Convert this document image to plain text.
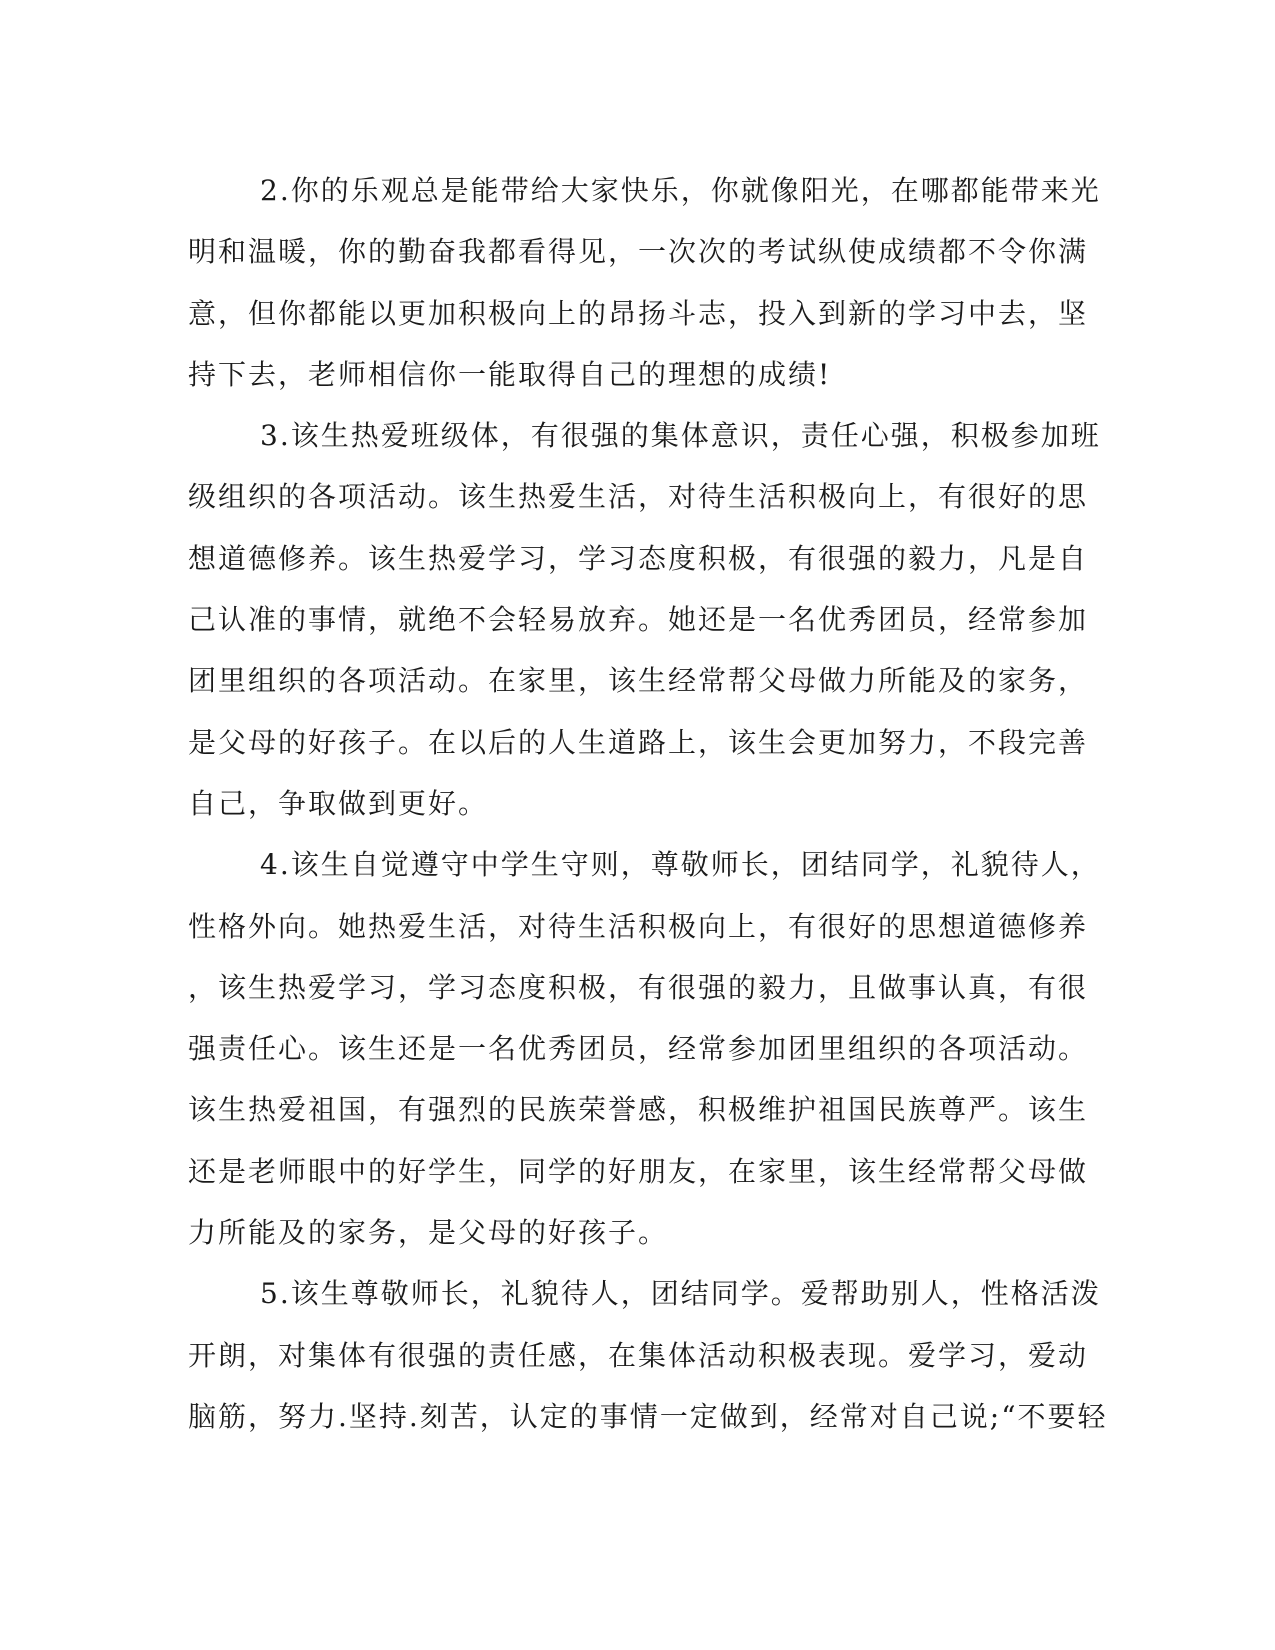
2.你的乐观总是能带给大家快乐，你就像阳光，在哪都能带来光
明和温暖，你的勤奋我都看得见，一次次的考试纵使成绩都不令你满
意，但你都能以更加积极向上的昂扬斗志，投入到新的学习中去，坚
持下去，老师相信你一能取得自己的理想的成绩!
3.该生热爱班级体，有很强的集体意识，责任心强，积极参加班
级组织的各项活动。该生热爱生活，对待生活积极向上，有很好的思
想道德修养。该生热爱学习，学习态度积极，有很强的毅力，凡是自
己认准的事情，就绝不会轻易放弃。她还是一名优秀团员，经常参加
团里组织的各项活动。在家里，该生经常帮父母做力所能及的家务，
是父母的好孩子。在以后的人生道路上，该生会更加努力，不段完善
自己，争取做到更好。
4.该生自觉遵守中学生守则，尊敬师长，团结同学，礼貌待人，
性格外向。她热爱生活，对待生活积极向上，有很好的思想道德修养
，该生热爱学习，学习态度积极，有很强的毅力，且做事认真，有很
强责任心。该生还是一名优秀团员，经常参加团里组织的各项活动。
该生热爱祖国，有强烈的民族荣誉感，积极维护祖国民族尊严。该生
还是老师眼中的好学生，同学的好朋友，在家里，该生经常帮父母做
力所能及的家务，是父母的好孩子。
5.该生尊敬师长，礼貌待人，团结同学。爱帮助别人，性格活泼
开朗，对集体有很强的责任感，在集体活动积极表现。爱学习，爱动
脑筋，努力.坚持.刻苦，认定的事情一定做到，经常对自己说;“不要轻
